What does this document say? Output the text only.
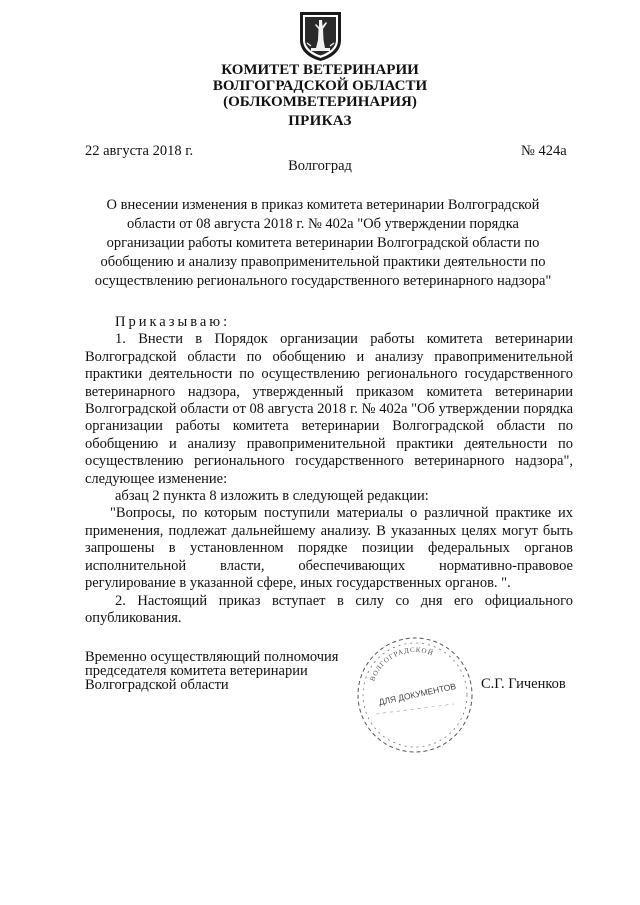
КОМИТЕТ ВЕТЕРИНАРИИ
ВОЛГОГРАДСКОЙ ОБЛАСТИ
(ОБЛКОМВЕТЕРИНАРИЯ)
ПРИКАЗ
22 августа 2018 г.	№ 424а
Волгоград
О внесении изменения в приказ комитета ветеринарии Волгоградской
области от 08 августа 2018 г. № 402а "Об утверждении порядка
организации работы комитета ветеринарии Волгоградской области по
обобщению и анализу правоприменительной практики деятельности по
осуществлению регионального государственного ветеринарного надзора"

Приказываю:

1. Внести в Порядок организации работы комитета ветеринарии Волгоградской области по обобщению и анализу правоприменительной практики деятельности по осуществлению регионального государственного ветеринарного надзора, утвержденный приказом комитета ветеринарии Волгоградской области от 08 августа 2018 г. № 402а "Об утверждении порядка организации работы комитета ветеринарии Волгоградской области по обобщению и анализу правоприменительной практики деятельности по осуществлению регионального государственного ветеринарного надзора", следующее изменение:

абзац 2 пункта 8 изложить в следующей редакции:

"Вопросы, по которым поступили материалы о различной практике их применения, подлежат дальнейшему анализу. В указанных целях могут быть запрошены в установленном порядке позиции федеральных органов исполнительной власти, обеспечивающих нормативно-правовое регулирование в указанной сфере, иных государственных органов. ".

2. Настоящий приказ вступает в силу со дня его официального опубликования.

Временно осуществляющий полномочия
председателя комитета ветеринарии
Волгоградской области	ВОЛГОГРАДСКОЙ
ДЛЯ ДОКУМЕНТОВ С.Г. Гиченков
